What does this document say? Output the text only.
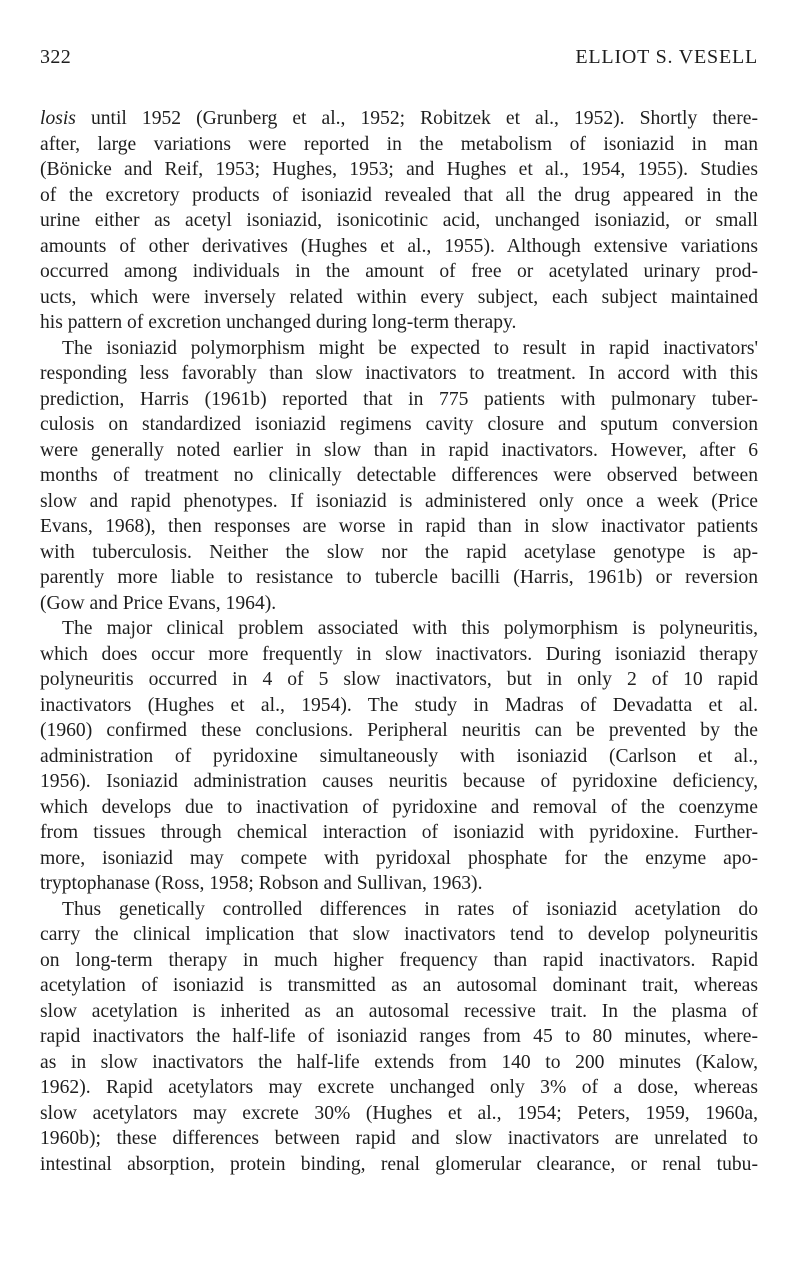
322	ELLIOT S. VESELL
losis until 1952 (Grunberg et al., 1952; Robitzek et al., 1952). Shortly there-
after, large variations were reported in the metabolism of isoniazid in man
(Bönicke and Reif, 1953; Hughes, 1953; and Hughes et al., 1954, 1955). Studies
of the excretory products of isoniazid revealed that all the drug appeared in the
urine either as acetyl isoniazid, isonicotinic acid, unchanged isoniazid, or small
amounts of other derivatives (Hughes et al., 1955). Although extensive variations
occurred among individuals in the amount of free or acetylated urinary prod-
ucts, which were inversely related within every subject, each subject maintained
his pattern of excretion unchanged during long-term therapy.
The isoniazid polymorphism might be expected to result in rapid inactivators'
responding less favorably than slow inactivators to treatment. In accord with this
prediction, Harris (1961b) reported that in 775 patients with pulmonary tuber-
culosis on standardized isoniazid regimens cavity closure and sputum conversion
were generally noted earlier in slow than in rapid inactivators. However, after 6
months of treatment no clinically detectable differences were observed between
slow and rapid phenotypes. If isoniazid is administered only once a week (Price
Evans, 1968), then responses are worse in rapid than in slow inactivator patients
with tuberculosis. Neither the slow nor the rapid acetylase genotype is ap-
parently more liable to resistance to tubercle bacilli (Harris, 1961b) or reversion
(Gow and Price Evans, 1964).
The major clinical problem associated with this polymorphism is polyneuritis,
which does occur more frequently in slow inactivators. During isoniazid therapy
polyneuritis occurred in 4 of 5 slow inactivators, but in only 2 of 10 rapid
inactivators (Hughes et al., 1954). The study in Madras of Devadatta et al.
(1960) confirmed these conclusions. Peripheral neuritis can be prevented by the
administration of pyridoxine simultaneously with isoniazid (Carlson et al.,
1956). Isoniazid administration causes neuritis because of pyridoxine deficiency,
which develops due to inactivation of pyridoxine and removal of the coenzyme
from tissues through chemical interaction of isoniazid with pyridoxine. Further-
more, isoniazid may compete with pyridoxal phosphate for the enzyme apo-
tryptophanase (Ross, 1958; Robson and Sullivan, 1963).
Thus genetically controlled differences in rates of isoniazid acetylation do
carry the clinical implication that slow inactivators tend to develop polyneuritis
on long-term therapy in much higher frequency than rapid inactivators. Rapid
acetylation of isoniazid is transmitted as an autosomal dominant trait, whereas
slow acetylation is inherited as an autosomal recessive trait. In the plasma of
rapid inactivators the half-life of isoniazid ranges from 45 to 80 minutes, where-
as in slow inactivators the half-life extends from 140 to 200 minutes (Kalow,
1962). Rapid acetylators may excrete unchanged only 3% of a dose, whereas
slow acetylators may excrete 30% (Hughes et al., 1954; Peters, 1959, 1960a,
1960b); these differences between rapid and slow inactivators are unrelated to
intestinal absorption, protein binding, renal glomerular clearance, or renal tubu-
